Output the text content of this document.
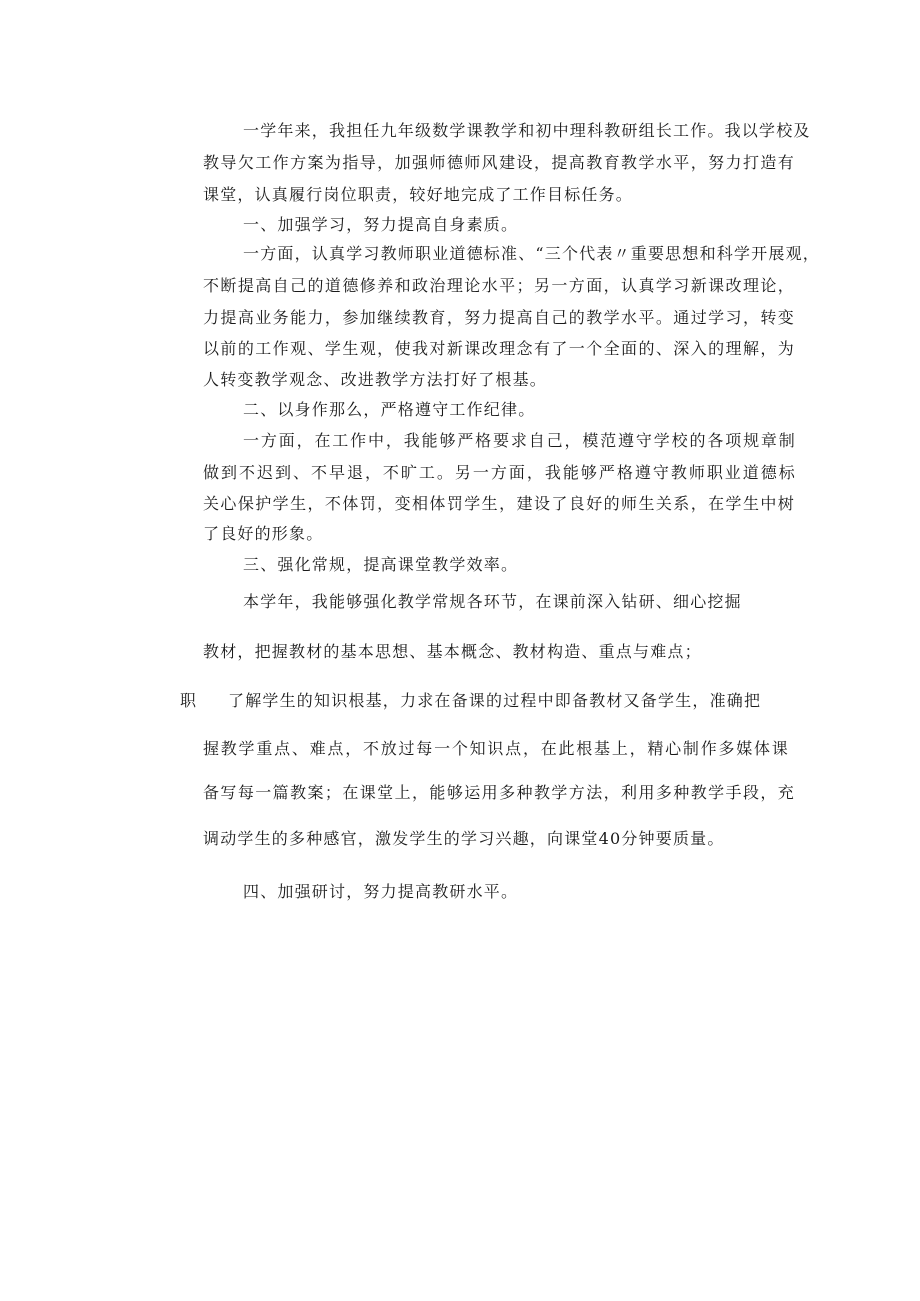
一学年来，我担任九年级数学课教学和初中理科教研组长工作。我以学校及
教导欠工作方案为指导，加强师德师风建设，提高教育教学水平，努力打造有
课堂，认真履行岗位职责，较好地完成了工作目标任务。
一、加强学习，努力提高自身素质。
一方面，认真学习教师职业道德标准、“三个代表〃重要思想和科学开展观，
不断提高自己的道德修养和政治理论水平；另一方面，认真学习新课改理论，
力提高业务能力，参加继续教育，努力提高自己的教学水平。通过学习，转变
以前的工作观、学生观，使我对新课改理念有了一个全面的、深入的理解，为
人转变教学观念、改进教学方法打好了根基。
二、以身作那么，严格遵守工作纪律。
一方面，在工作中，我能够严格要求自己，模范遵守学校的各项规章制
做到不迟到、不早退，不旷工。另一方面，我能够严格遵守教师职业道德标
关心保护学生，不体罚，变相体罚学生，建设了良好的师生关系，在学生中树
了良好的形象。
三、强化常规，提高课堂教学效率。
本学年，我能够强化教学常规各环节，在课前深入钻研、细心挖掘
教材，把握教材的基本思想、基本概念、教材构造、重点与难点；
职 了解学生的知识根基，力求在备课的过程中即备教材又备学生，准确把
握教学重点、难点，不放过每一个知识点，在此根基上，精心制作多媒体课
备写每一篇教案；在课堂上，能够运用多种教学方法，利用多种教学手段，充
调动学生的多种感官，激发学生的学习兴趣，向课堂40分钟要质量。
四、加强研讨，努力提高教研水平。
